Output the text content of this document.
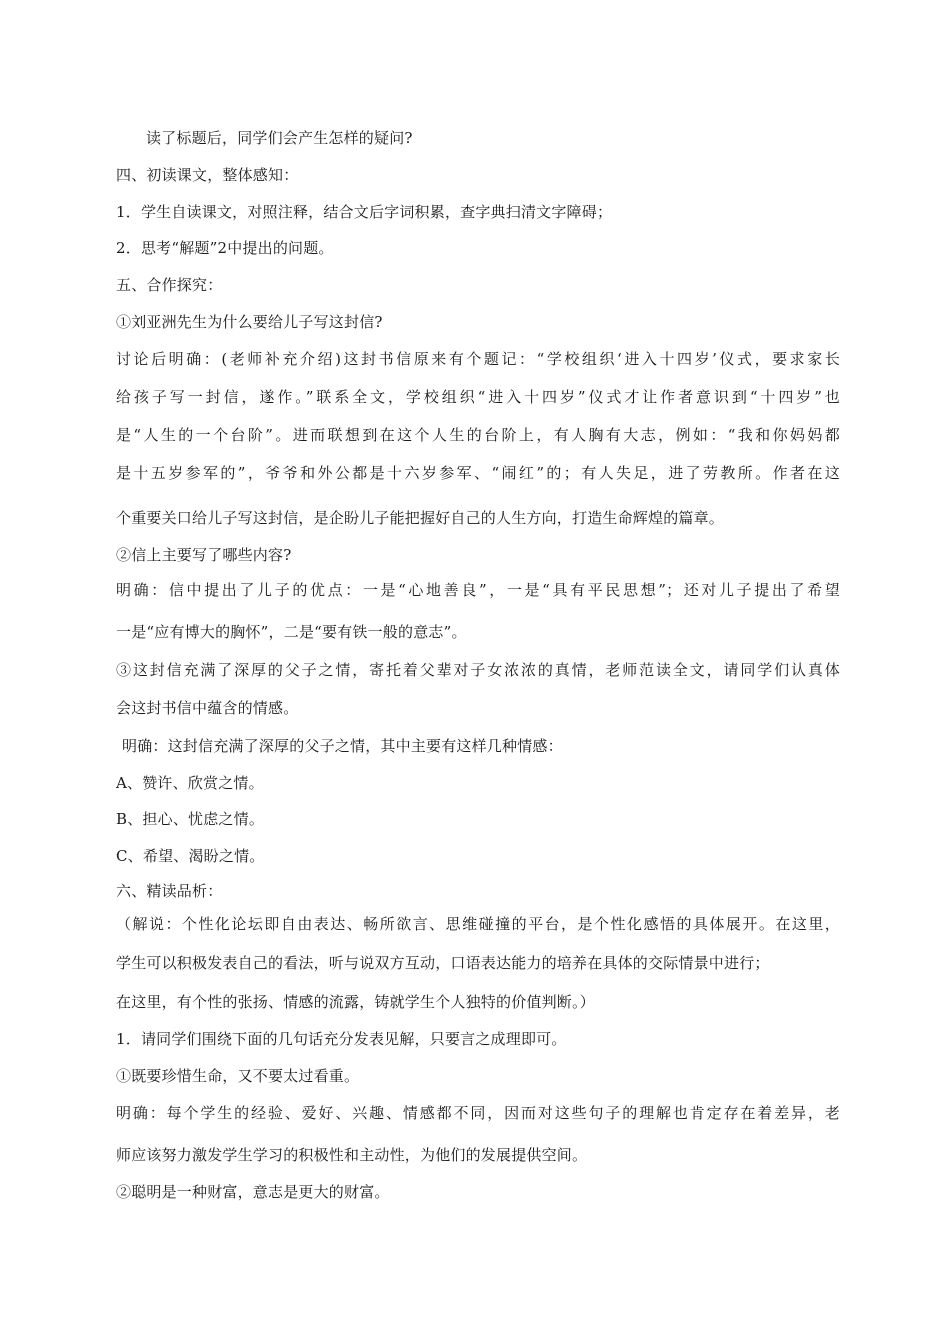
读了标题后，同学们会产生怎样的疑问?
四、初读课文，整体感知：
1．学生自读课文，对照注释，结合文后字词积累，查字典扫清文字障碍；
2．思考“解题”2中提出的问题。
五、合作探究：
①刘亚洲先生为什么要给儿子写这封信?
讨论后明确：(老师补充介绍)这封书信原来有个题记：“学校组织‘进入十四岁’仪式，要求家长
给孩子写一封信，遂作。”联系全文，学校组织“进入十四岁”仪式才让作者意识到“十四岁”也
是“人生的一个台阶”。进而联想到在这个人生的台阶上，有人胸有大志，例如：“我和你妈妈都
是十五岁参军的”，爷爷和外公都是十六岁参军、“闹红”的；有人失足，进了劳教所。作者在这
个重要关口给儿子写这封信，是企盼儿子能把握好自己的人生方向，打造生命辉煌的篇章。
②信上主要写了哪些内容?
明确：信中提出了儿子的优点：一是“心地善良”，一是“具有平民思想”；还对儿子提出了希望
一是“应有博大的胸怀”，二是“要有铁一般的意志”。
③这封信充满了深厚的父子之情，寄托着父辈对子女浓浓的真情，老师范读全文，请同学们认真体
会这封书信中蕴含的情感。
明确：这封信充满了深厚的父子之情，其中主要有这样几种情感：
A、赞许、欣赏之情。
B、担心、忧虑之情。
C、希望、渴盼之情。
六、精读品析：
（解说：个性化论坛即自由表达、畅所欲言、思维碰撞的平台，是个性化感悟的具体展开。在这里，
学生可以积极发表自己的看法，听与说双方互动，口语表达能力的培养在具体的交际情景中进行；
在这里，有个性的张扬、情感的流露，铸就学生个人独特的价值判断。）
1．请同学们围绕下面的几句话充分发表见解，只要言之成理即可。
①既要珍惜生命，又不要太过看重。
明确：每个学生的经验、爱好、兴趣、情感都不同，因而对这些句子的理解也肯定存在着差异，老
师应该努力激发学生学习的积极性和主动性，为他们的发展提供空间。
②聪明是一种财富，意志是更大的财富。
